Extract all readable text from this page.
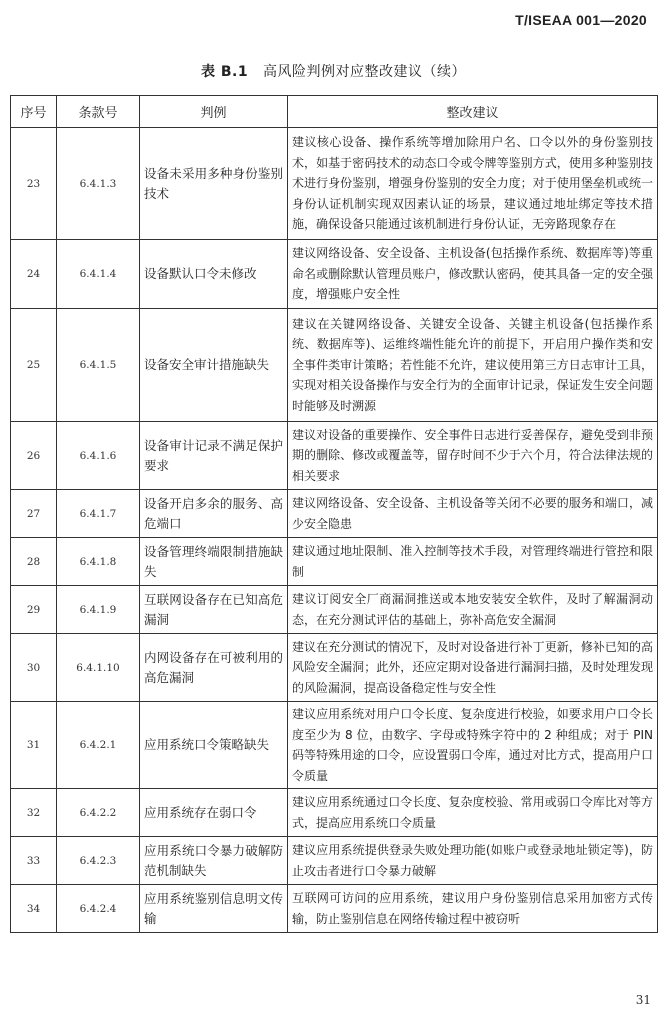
T/ISEAA 001—2020
表 B.1 高风险判例对应整改建议（续）
序号	条款号	判例	整改建议
23	6.4.1.3	设备未采用多种身份鉴别技术	建议核心设备、操作系统等增加除用户名、口令以外的身份鉴别技术，如基于密码技术的动态口令或令牌等鉴别方式，使用多种鉴别技术进行身份鉴别，增强身份鉴别的安全力度；对于使用堡垒机或统一身份认证机制实现双因素认证的场景，建议通过地址绑定等技术措施，确保设备只能通过该机制进行身份认证，无旁路现象存在
24	6.4.1.4	设备默认口令未修改	建议网络设备、安全设备、主机设备(包括操作系统、数据库等)等重命名或删除默认管理员账户，修改默认密码，使其具备一定的安全强度，增强账户安全性
25	6.4.1.5	设备安全审计措施缺失	建议在关键网络设备、关键安全设备、关键主机设备(包括操作系统、数据库等)、运维终端性能允许的前提下，开启用户操作类和安全事件类审计策略；若性能不允许，建议使用第三方日志审计工具，实现对相关设备操作与安全行为的全面审计记录，保证发生安全问题时能够及时溯源
26	6.4.1.6	设备审计记录不满足保护要求	建议对设备的重要操作、安全事件日志进行妥善保存，避免受到非预期的删除、修改或覆盖等，留存时间不少于六个月，符合法律法规的相关要求
27	6.4.1.7	设备开启多余的服务、高危端口	建议网络设备、安全设备、主机设备等关闭不必要的服务和端口，减少安全隐患
28	6.4.1.8	设备管理终端限制措施缺失	建议通过地址限制、准入控制等技术手段，对管理终端进行管控和限制
29	6.4.1.9	互联网设备存在已知高危漏洞	建议订阅安全厂商漏洞推送或本地安装安全软件，及时了解漏洞动态，在充分测试评估的基础上，弥补高危安全漏洞
30	6.4.1.10	内网设备存在可被利用的高危漏洞	建议在充分测试的情况下，及时对设备进行补丁更新，修补已知的高风险安全漏洞；此外，还应定期对设备进行漏洞扫描，及时处理发现的风险漏洞，提高设备稳定性与安全性
31	6.4.2.1	应用系统口令策略缺失	建议应用系统对用户口令长度、复杂度进行校验，如要求用户口令长度至少为 8 位，由数字、字母或特殊字符中的 2 种组成；对于 PIN 码等特殊用途的口令，应设置弱口令库，通过对比方式，提高用户口令质量
32	6.4.2.2	应用系统存在弱口令	建议应用系统通过口令长度、复杂度校验、常用或弱口令库比对等方式，提高应用系统口令质量
33	6.4.2.3	应用系统口令暴力破解防范机制缺失	建议应用系统提供登录失败处理功能(如账户或登录地址锁定等)，防止攻击者进行口令暴力破解
34	6.4.2.4	应用系统鉴别信息明文传输	互联网可访问的应用系统，建议用户身份鉴别信息采用加密方式传输，防止鉴别信息在网络传输过程中被窃听
31
